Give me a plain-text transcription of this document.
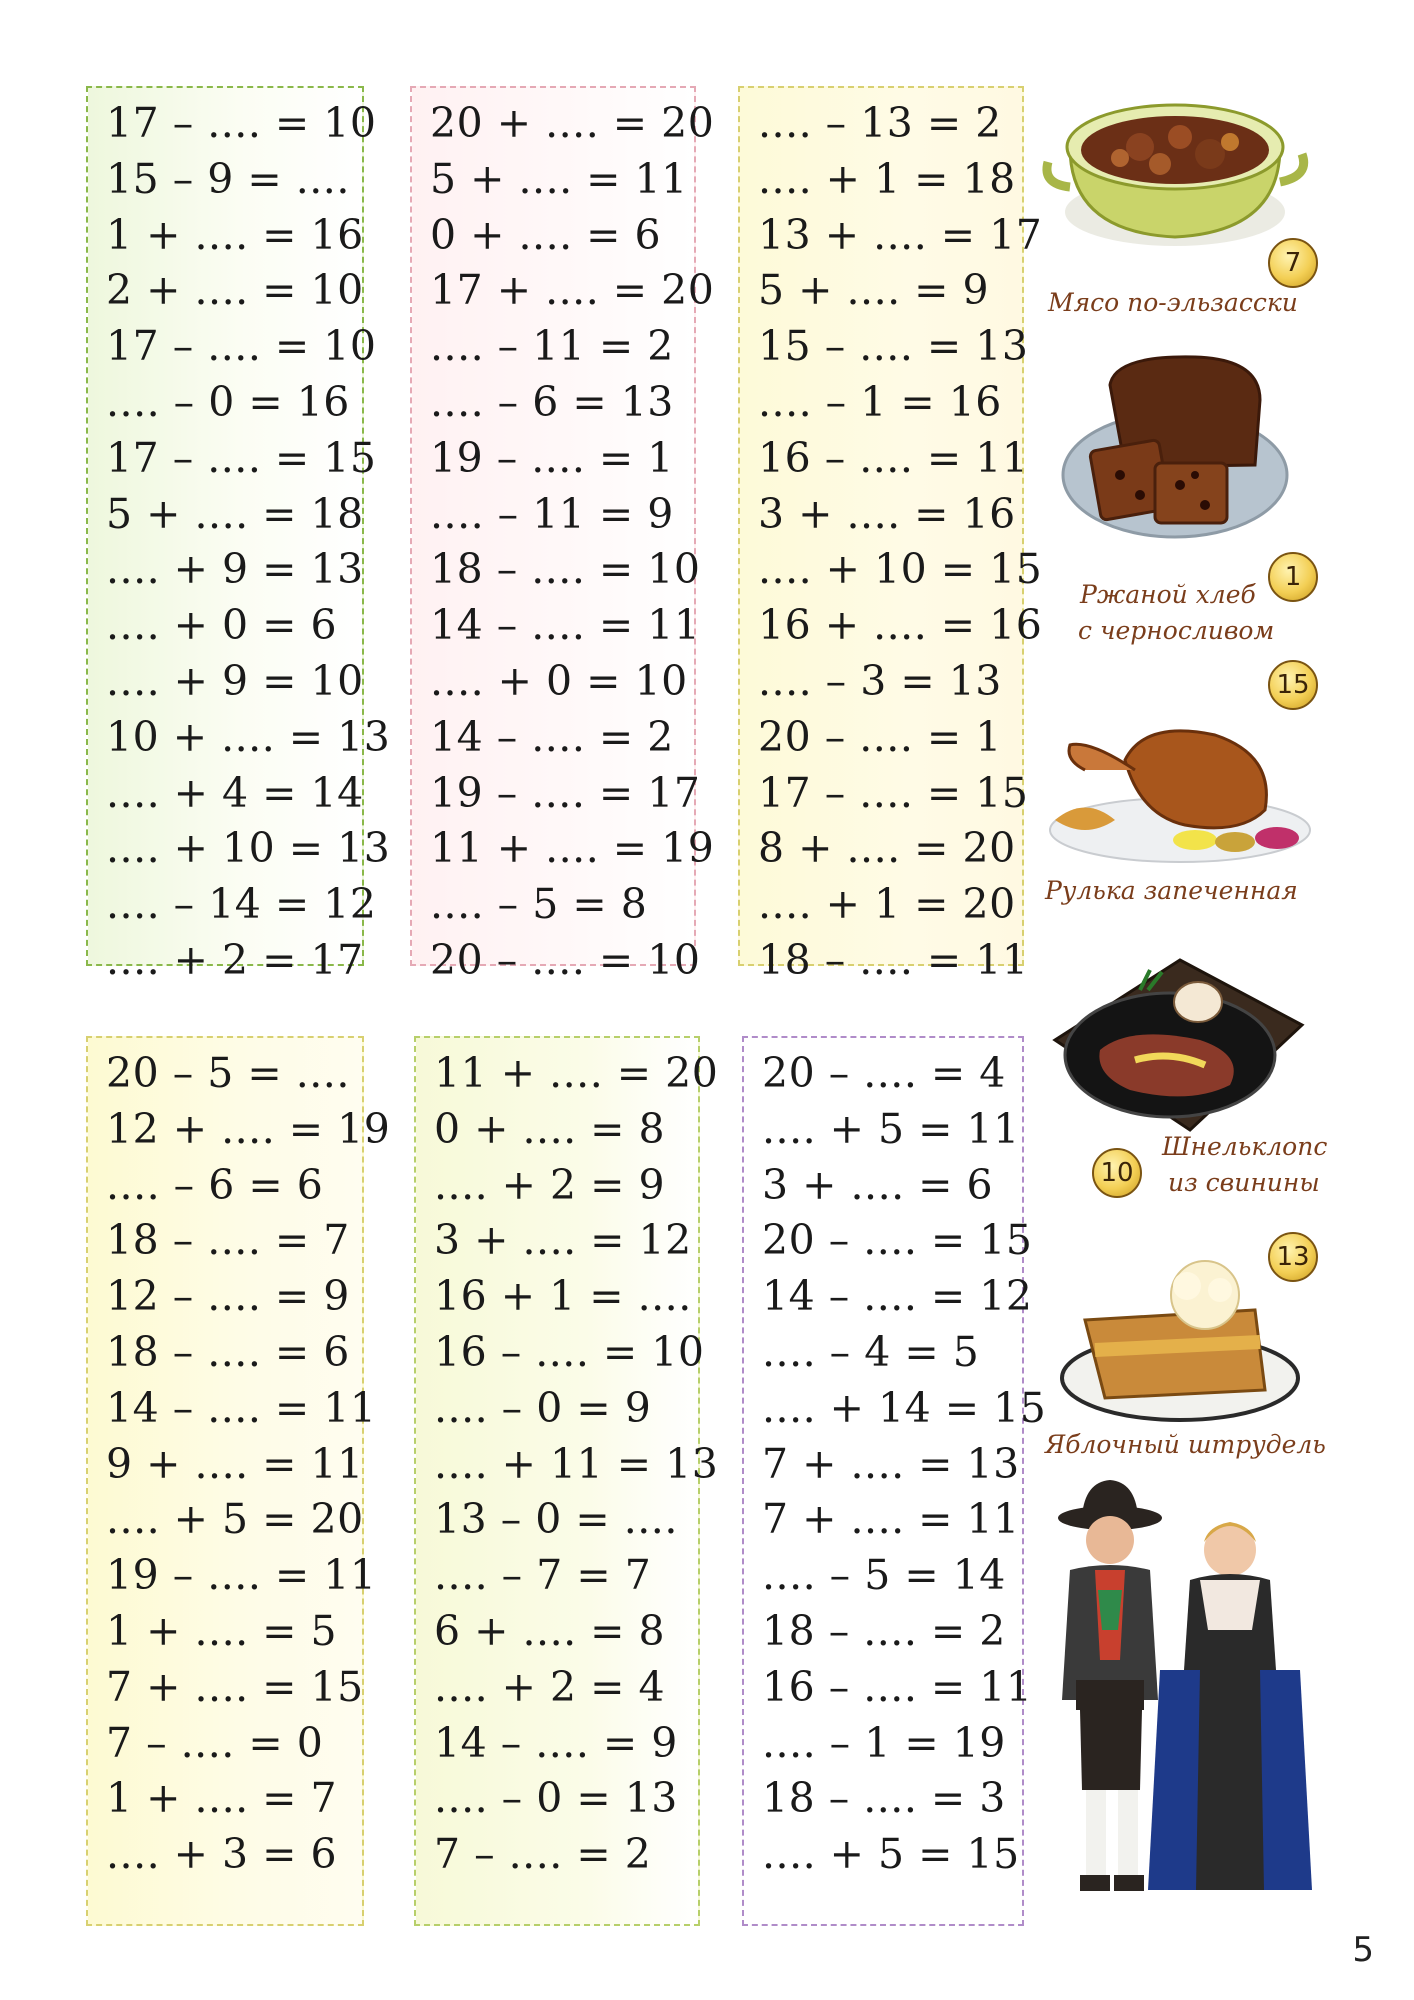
17 – .... = 10
15 – 9 = ....
1 + .... = 16
2 + .... = 10
17 – .... = 10
.... – 0 = 16
17 – .... = 15
5 + .... = 18
.... + 9 = 13
.... + 0 = 6
.... + 9 = 10
10 + .... = 13
.... + 4 = 14
.... + 10 = 13
.... – 14 = 12
.... + 2 = 17
20 + .... = 20
5 + .... = 11
0 + .... = 6
17 + .... = 20
.... – 11 = 2
.... – 6 = 13
19 – .... = 1
.... – 11 = 9
18 – .... = 10
14 – .... = 11
.... + 0 = 10
14 – .... = 2
19 – .... = 17
11 + .... = 19
.... – 5 = 8
20 – .... = 10
.... – 13 = 2
.... + 1 = 18
13 + .... = 17
5 + .... = 9
15 – .... = 13
.... – 1 = 16
16 – .... = 11
3 + .... = 16
.... + 10 = 15
16 + .... = 16
.... – 3 = 13
20 – .... = 1
17 – .... = 15
8 + .... = 20
.... + 1 = 20
18 – .... = 11
20 – 5 = ....
12 + .... = 19
.... – 6 = 6
18 – .... = 7
12 – .... = 9
18 – .... = 6
14 – .... = 11
9 + .... = 11
.... + 5 = 20
19 – .... = 11
1 + .... = 5
7 + .... = 15
7 – .... = 0
1 + .... = 7
.... + 3 = 6
11 + .... = 20
0 + .... = 8
.... + 2 = 9
3 + .... = 12
16 + 1 = ....
16 – .... = 10
.... – 0 = 9
.... + 11 = 13
13 – 0 = ....
.... – 7 = 7
6 + .... = 8
.... + 2 = 4
14 – .... = 9
.... – 0 = 13
7 – .... = 2
20 – .... = 4
.... + 5 = 11
3 + .... = 6
20 – .... = 15
14 – .... = 12
.... – 4 = 5
.... + 14 = 15
7 + .... = 13
7 + .... = 11
.... – 5 = 14
18 – .... = 2
16 – .... = 11
.... – 1 = 19
18 – .... = 3
.... + 5 = 15
7
Мясо по-эльзасски
1
Ржаной хлеб
с черносливом
15
Рулька запеченная
10
Шнельклопс
из свинины
13
Яблочный штрудель
5
